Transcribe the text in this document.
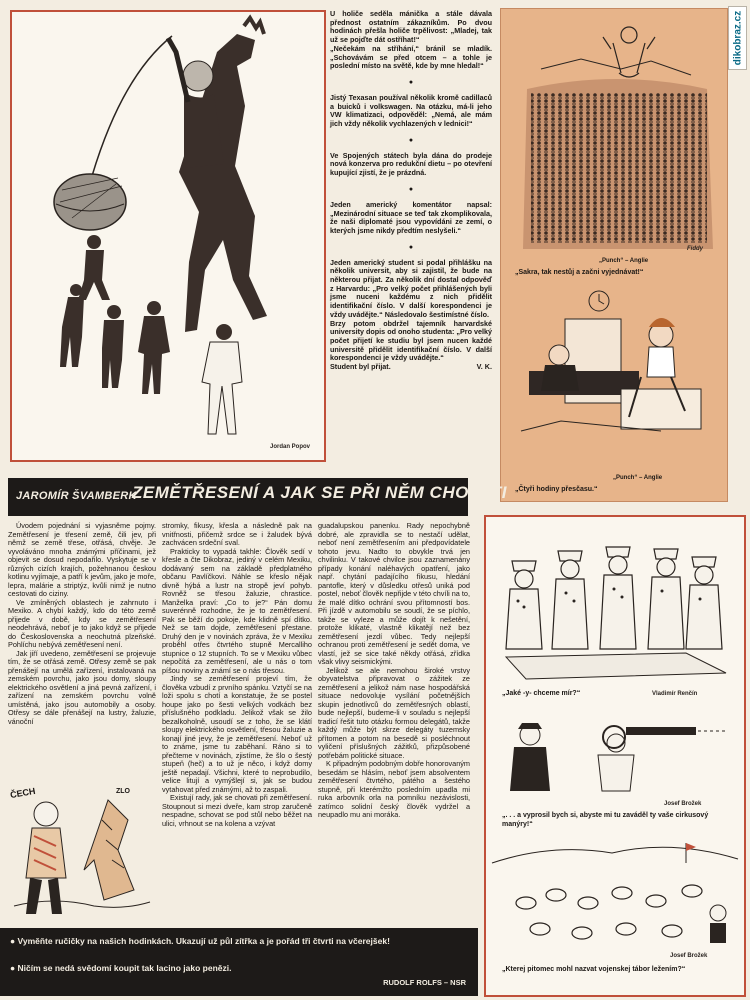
dikobraz.cz
Jordan Popov

U holiče seděla mánička a stále dávala přednost ostatním zákazníkům. Po dvou hodinách přešla holiče trpělivost: „Mladej, tak už se pojďte dát ostříhat!“

„Nečekám na stříhání,“ bránil se mladík. „Schovávám se před otcem – a tohle je poslední místo na světě, kde by mne hledal!“

●

Jistý Texasan používal několik kromě cadillaců a buicků i volkswagen. Na otázku, má-li jeho VW klimatizaci, odpověděl: „Nemá, ale mám jich vždy několik vychlazených v lednici!“

●

Ve Spojených státech byla dána do prodeje nová konzerva pro redukční dietu – po otevření kupující zjistí, že je prázdná.

●

Jeden americký komentátor napsal: „Mezinárodní situace se teď tak zkomplikovala, že naši diplomaté jsou vypovídáni ze zemí, o kterých jsme nikdy předtím neslyšeli.“

●

Jeden americký student si podal přihlášku na několik universit, aby si zajistil, že bude na některou přijat. Za několik dní dostal odpověď z Harvardu: „Pro velký počet přihlášených byli jsme nuceni každému z nich přidělit identifikační číslo. V další korespondenci je vždy uvádějte.“ Následovalo šestimístné číslo.

Brzy potom obdržel tajemník harvardské university dopis od onoho studenta: „Pro velký počet přijetí ke studiu byl jsem nucen každé universitě přidělit identifikační číslo. V další korespondenci je vždy uvádějte.“

Student byl přijat.	V. K.

Fiddy
„Punch“ – Anglie
„Sakra, tak nestůj a začni vyjednávat!“
„Punch“ – Anglie
„Čtyři hodiny přesčasu.“
„Jaké -y- chceme mír?“	Vladimír Renčín
Josef Brožek
„. . . a vyprosil bych si, abyste mi tu zaváděl ty vaše cirkusový manýry!“
Josef Brožek
„Kterej pitomec mohl nazvat vojenskej tábor ležením?“
JAROMÍR ŠVAMBERK
ZEMĚTŘESENÍ A JAK SE PŘI NĚM CHOVATI

Úvodem pojednání si vyjasněme pojmy. Zemětřesení je třesení země, čili jev, při němž se země třese, otřásá, chvěje. Je vyvoláváno mnoha známými příčinami, jež objevit se dosud nepodařilo. Vyskytuje se v různých cizích krajích, požehnanou českou kotlinu vyjímaje, a patří k jevům, jako je moře, lepra, malárie a striptýz, kvůli nimž je nutno cestovati do ciziny.

Ve zmíněných oblastech je zahrnuto i Mexiko. A chybí každý, kdo do této země přijede v době, kdy se zemětřesení neodehrává, neboť je to jako když se přijede do Československa a neochutná plzeňské. Pohlíchu nebývá zemětřesení není.

Jak jiří uvedeno, zemětřesení se projevuje tím, že se otřásá země. Otřesy země se pak přenášejí na umělá zařízení, instalovaná na zemském povrchu, jako jsou domy, sloupy elektrického osvětlení a jiná pevná zařízení, i zařízení na zemském povrchu volně umístěná, jako jsou automobily a osoby. Otřesy se dále přenášejí na lustry, žaluzie, vánoční

ČECH	ZLO

stromky, fikusy, křesla a následně pak na vnitřnosti, přičemž srdce se i žaludek bývá zachvácen srdeční sval.

Prakticky to vypadá takhle: Člověk sedí v křesle a čte Dikobraz, jediný v celém Mexiku, dodávaný sem na základě předplatného občanu Pavlíčkovi. Náhle se křeslo nějak divně hýbá a lustr na stropě jeví pohyb. Rovněž se třesou žaluzie, chrastice. Manželka praví: „Co to je?“ Pán domu suverénně rozhodne, že je to zemětřesení. Pak se běží do pokoje, kde klidně spí dítko. Než se tam dojde, zemětřesení přestane. Druhý den je v novinách zpráva, že v Mexiku proběhl otřes čtvrtého stupně Mercalliho stupnice o 12 stupních. To se v Mexiku vůbec nepočítá za zemětřesení, ale u nás o tom píšou noviny a známí se o nás třesou.

Jindy se zemětřesení projeví tím, že člověka vzbudí z prvního spánku. Vztyčí se na loži spolu s chotí a konstatuje, že se postel houpe jako po šesti velkých vodkách bez příslušného podkladu. Jelikož však se žilo bezalkoholně, usoudí se z toho, že se klátí sloupy elektrického osvětlení, třesou žaluzie a konají jiné jevy, že je zemětřesení. Neboť už to známe, jsme tu zaběhaní. Ráno si to přečteme v novinách, zjistíme, že šlo o šestý stupeň (heč) a to už je něco, i když domy ještě nepadají. Všichni, které to neprobudilo, velice litují a vymýšlejí si, jak se budou vytahovat před známými, až to zaspali.

Existují rady, jak se chovati při zemětřesení. Stoupnout si mezi dveře, kam strop zaručeně nespadne, schovat se pod stůl nebo běžet na ulici, vrhnout se na kolena a vzývat

guadalupskou panenku. Rady nepochybně dobré, ale zpravidla se to nestačí udělat, neboť není zemětřesením ani předpovídatele tohoto jevu. Nadto to obvykle trvá jen chvilinku. V takové chvilce jsou zaznamenány případy konání naléhavých opatření, jako např. chytání padajícího fikusu, hledání pantofle, který v důsledku otřesů uniká pod postel, neboť člověk nepřijde v této chvíli na to, že malé dítko ochrání svou přítomností bos. Při jízdě v automobilu se soudí, že se píchlo, takže se vyleze a může dojít k nešetění, protože klikaté, vlastně klikatějí než bez zemětřesení jezdí vůbec. Tedy nejlepší ochranou proti zemětřesení je sedět doma, ve vlastí, jež se sice také někdy otřásá, zřídka však vlivy seismickými.

Jelikož se ale nemohou široké vrstvy obyvatelstva připravovat o zážitek ze zemětřesení a jelikož nám nase hospodářská situace nedovoluje vysílání početnějších skupin jednotlivců do zemětřesných oblastí, bude nejlepší, budeme-li v souladu s nejlepší tradicí řešit tuto otázku formou delegátů, takže každý může být skrze delegáty tuzemsky přítomen a potom na besedě si posléchnout vyličení příslušných zážitků, přizpůsobené potřebám politické situace.

K připadným podobným dobře honorovaným besedám se hlásím, neboť jsem absolventem zemětřesení čtvrtého, pátého a šestého stupně, při kterémžto posledním upadla mi ruka arbovník orla na pomníku nezávislosti, zatímco solidní český člověk vydržel a neupadlo mu ani moráka.

● Vyměňte ručičky na našich hodinkách. Ukazují už půl zítřka a je pořád tři čtvrti na včerejšek!
● Ničím se nedá svědomí koupit tak lacino jako penězi.
RUDOLF ROLFS – NSR
